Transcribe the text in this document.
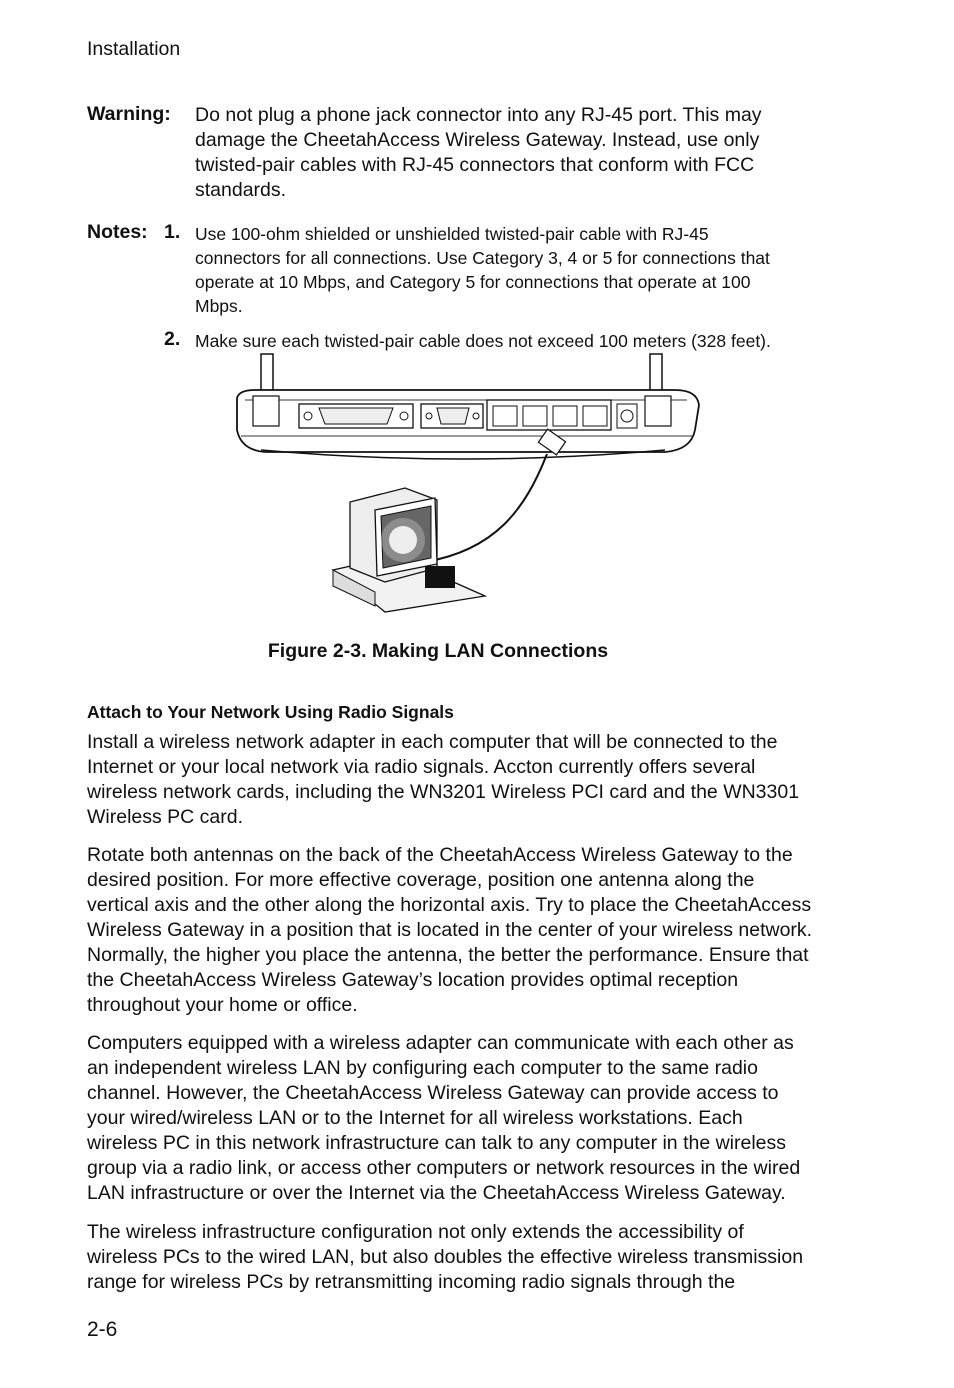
Installation
Warning: Do not plug a phone jack connector into any RJ-45 port. This may
damage the CheetahAccess Wireless Gateway. Instead, use only
twisted-pair cables with RJ-45 connectors that conform with FCC
standards.
Notes: 1. Use 100-ohm shielded or unshielded twisted-pair cable with RJ-45
connectors for all connections. Use Category 3, 4 or 5 for connections that
operate at 10 Mbps, and Category 5 for connections that operate at 100
Mbps.
2. Make sure each twisted-pair cable does not exceed 100 meters (328 feet).
Figure 2-3. Making LAN Connections
Attach to Your Network Using Radio Signals
Install a wireless network adapter in each computer that will be connected to the
Internet or your local network via radio signals. Accton currently offers several
wireless network cards, including the WN3201 Wireless PCI card and the WN3301
Wireless PC card.
Rotate both antennas on the back of the CheetahAccess Wireless Gateway to the
desired position. For more effective coverage, position one antenna along the
vertical axis and the other along the horizontal axis. Try to place the CheetahAccess
Wireless Gateway in a position that is located in the center of your wireless network.
Normally, the higher you place the antenna, the better the performance. Ensure that
the CheetahAccess Wireless Gateway’s location provides optimal reception
throughout your home or office.
Computers equipped with a wireless adapter can communicate with each other as
an independent wireless LAN by configuring each computer to the same radio
channel. However, the CheetahAccess Wireless Gateway can provide access to
your wired/wireless LAN or to the Internet for all wireless workstations. Each
wireless PC in this network infrastructure can talk to any computer in the wireless
group via a radio link, or access other computers or network resources in the wired
LAN infrastructure or over the Internet via the CheetahAccess Wireless Gateway.
The wireless infrastructure configuration not only extends the accessibility of
wireless PCs to the wired LAN, but also doubles the effective wireless transmission
range for wireless PCs by retransmitting incoming radio signals through the
2-6
